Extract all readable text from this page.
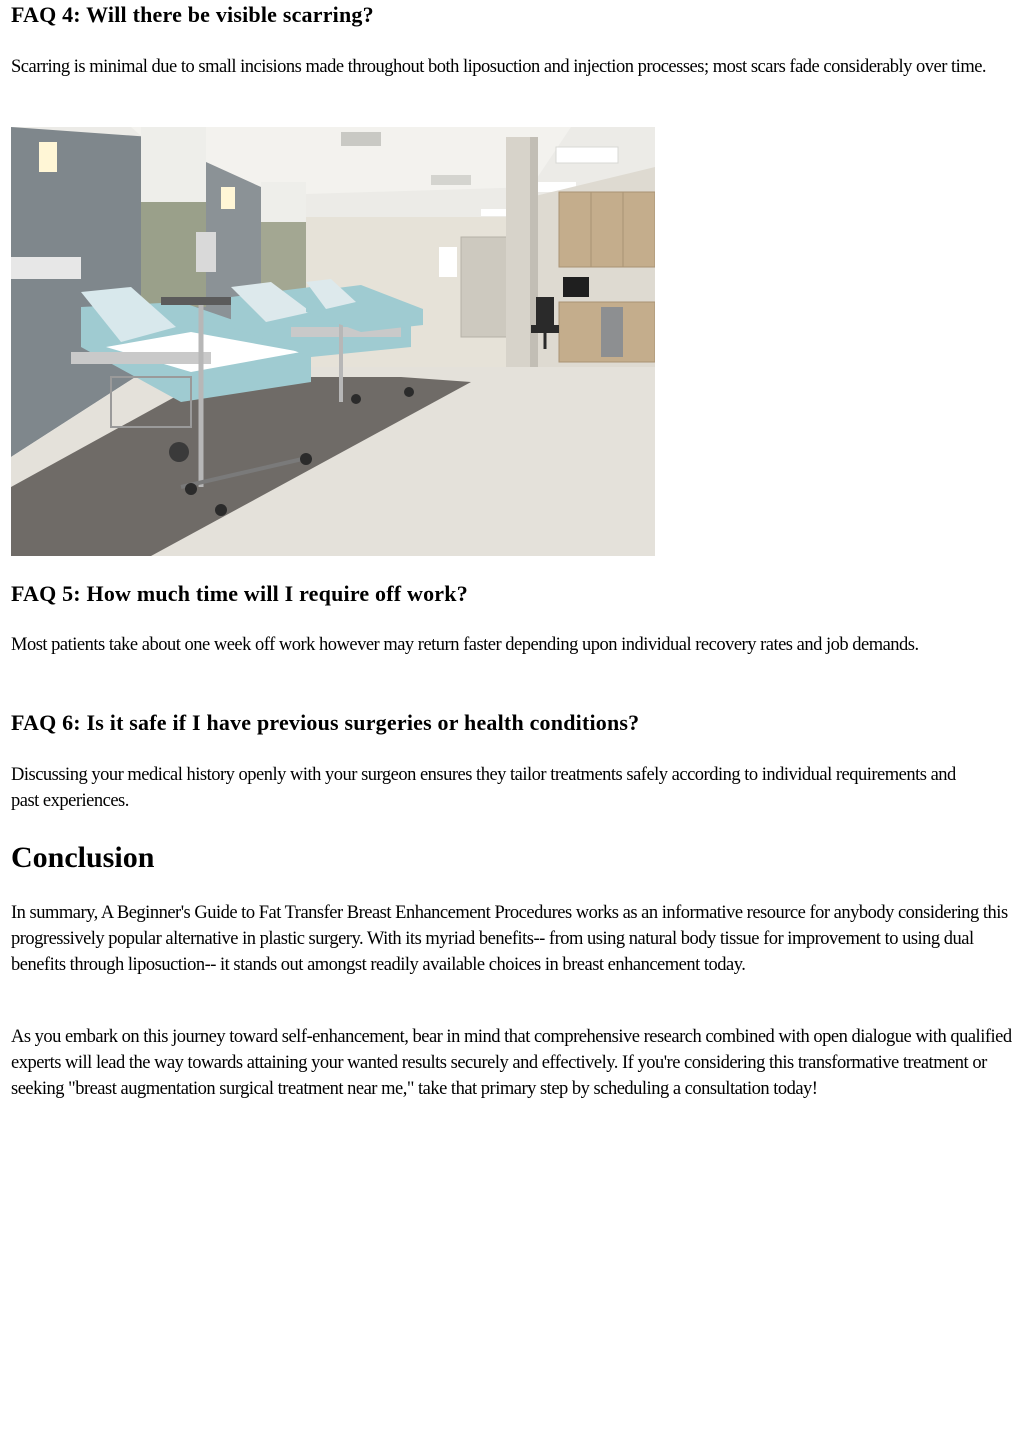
FAQ 4: Will there be visible scarring?

Scarring is minimal due to small incisions made throughout both liposuction and injection processes; most scars fade considerably over time.

FAQ 5: How much time will I require off work?

Most patients take about one week off work however may return faster depending upon individual recovery rates and job demands.

FAQ 6: Is it safe if I have previous surgeries or health conditions?

Discussing your medical history openly with your surgeon ensures they tailor treatments safely according to individual requirements and past experiences.

Conclusion

In summary, A Beginner's Guide to Fat Transfer Breast Enhancement Procedures works as an informative resource for anybody considering this progressively popular alternative in plastic surgery. With its myriad benefits-- from using natural body tissue for improvement to using dual benefits through liposuction-- it stands out amongst readily available choices in breast enhancement today.

As you embark on this journey toward self-enhancement, bear in mind that comprehensive research combined with open dialogue with qualified experts will lead the way towards attaining your wanted results securely and effectively. If you're considering this transformative treatment or seeking "breast augmentation surgical treatment near me," take that primary step by scheduling a consultation today!
